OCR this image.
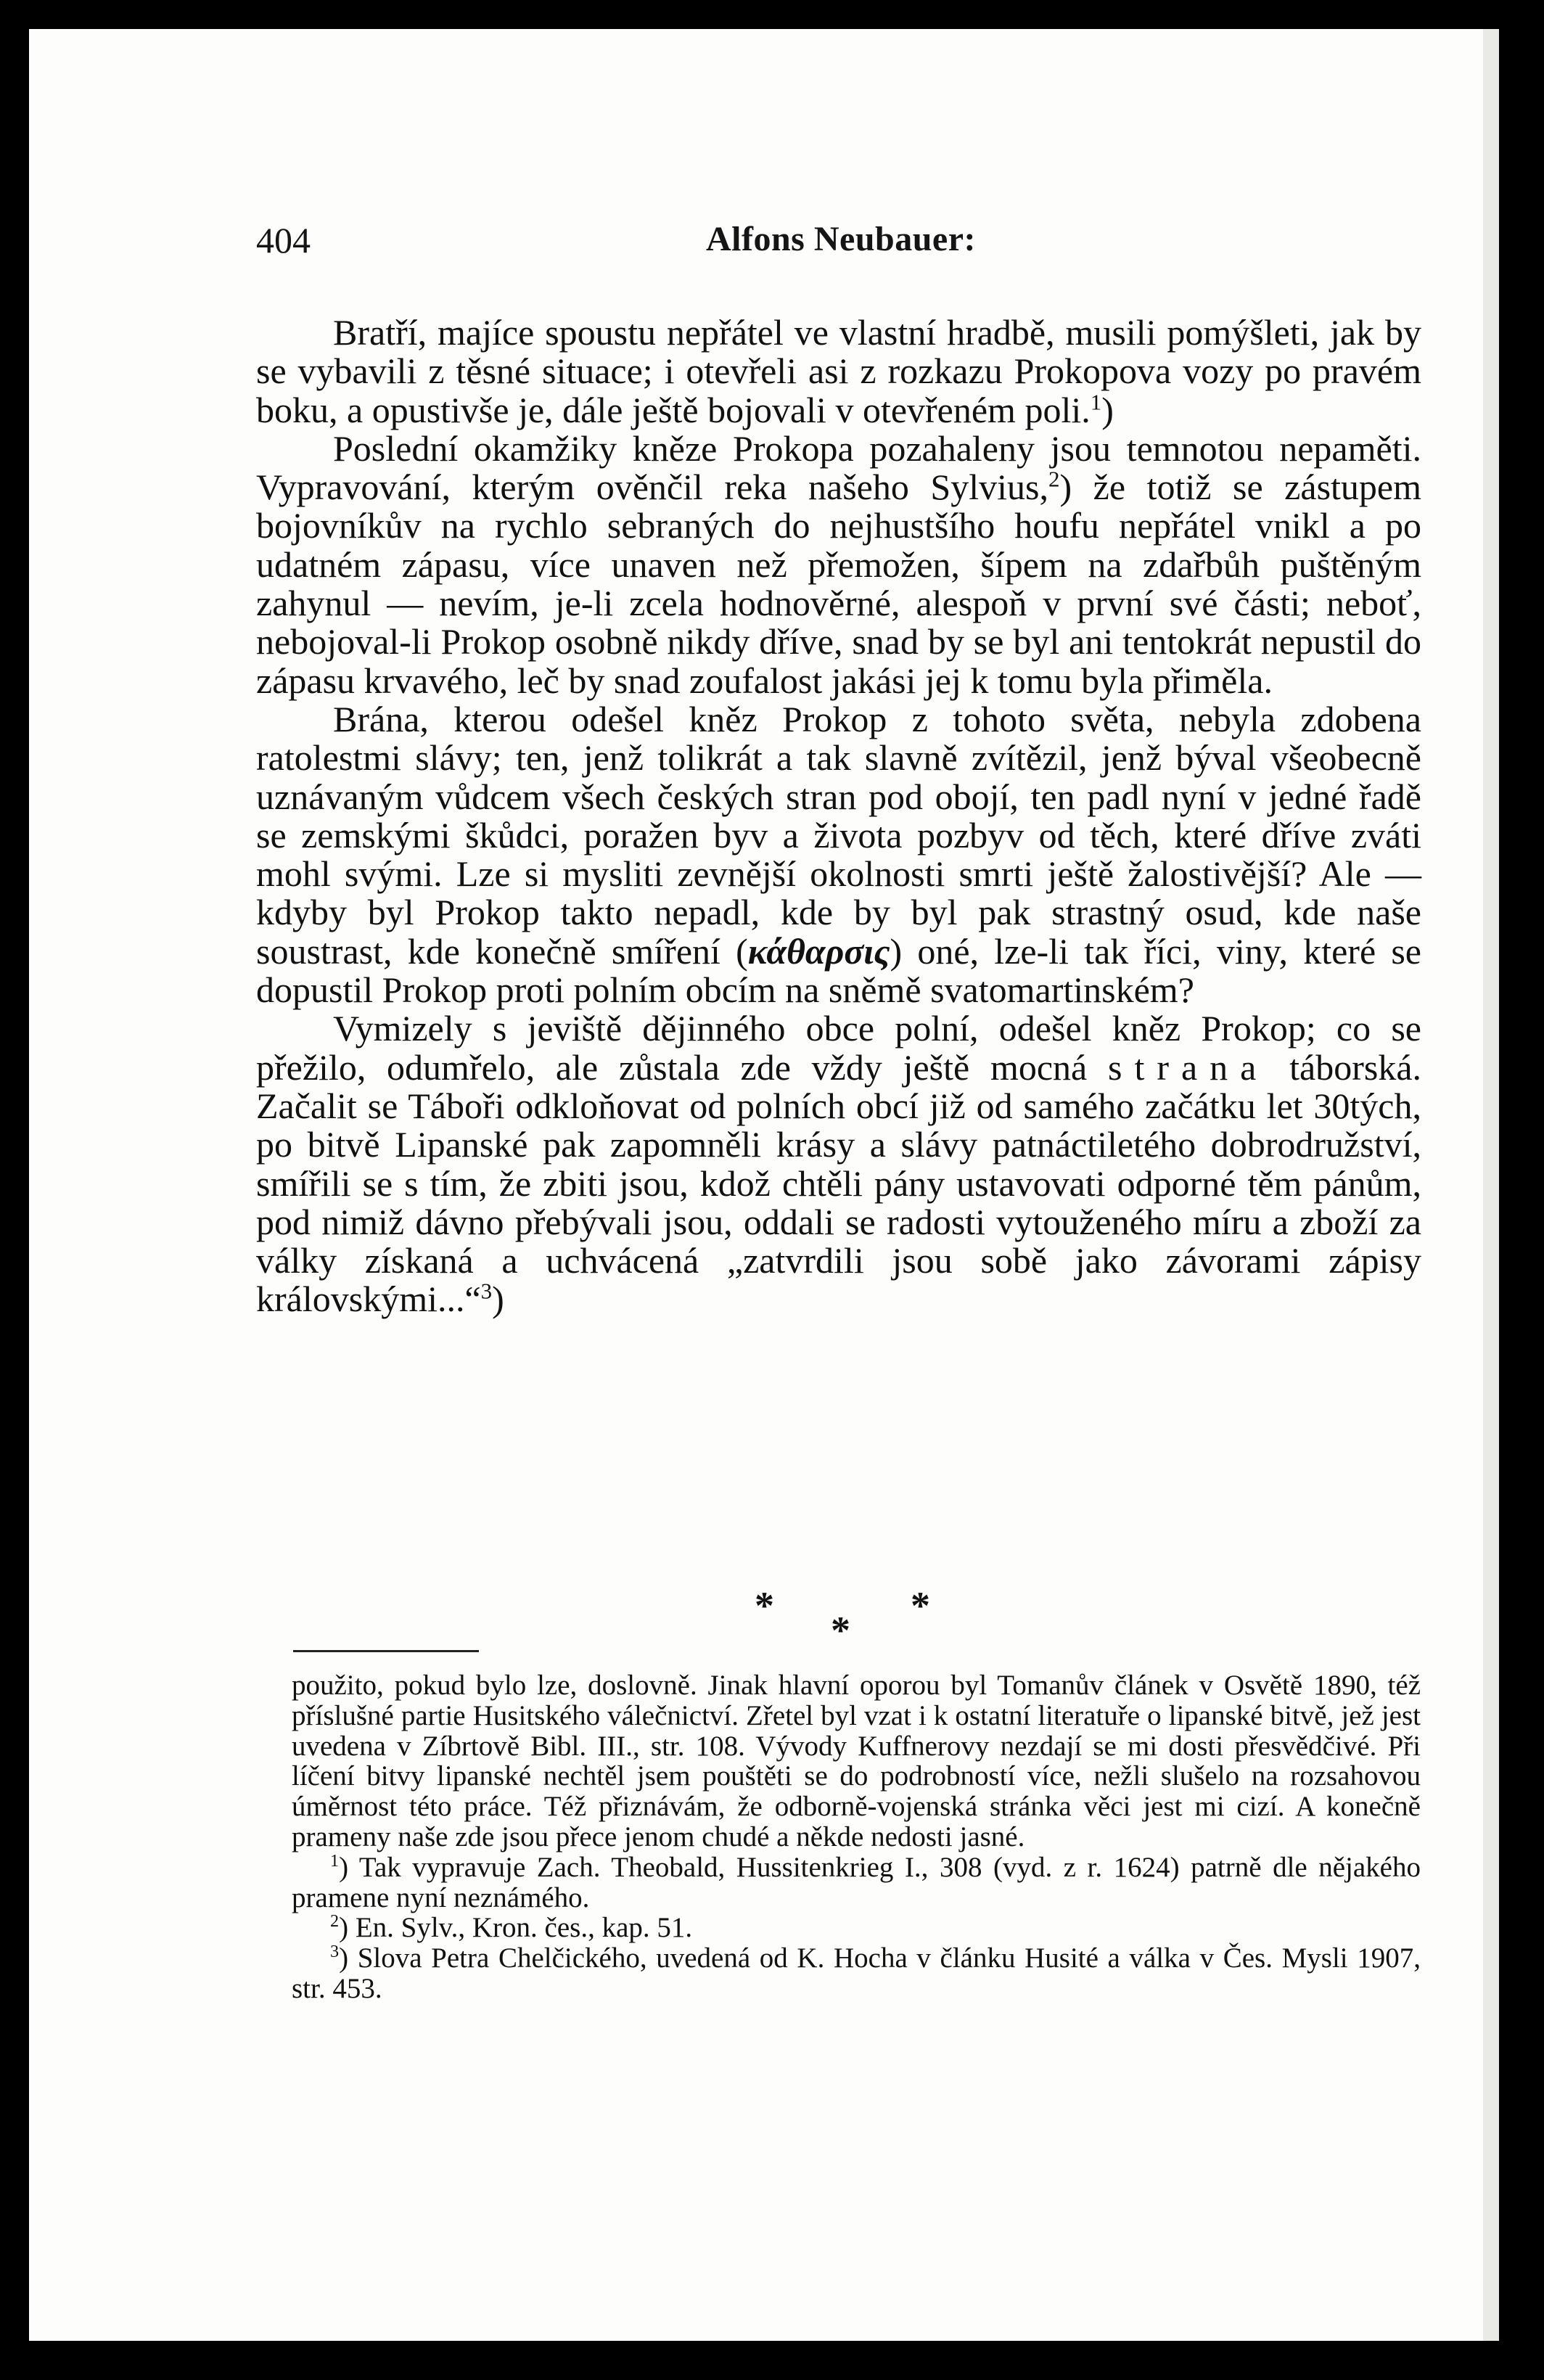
404	Alfons Neubauer:

Bratří, majíce spoustu nepřátel ve vlastní hradbě, musili pomýšleti, jak by se vybavili z těsné situace; i otevřeli asi z rozkazu Prokopova vozy po pravém boku, a opustivše je, dále ještě bojovali v otevřeném poli.$^1$)

Poslední okamžiky kněze Prokopa pozahaleny jsou temnotou nepaměti. Vypravování, kterým ověnčil reka našeho Sylvius,$^2$) že totiž se zástupem bojovníkův na rychlo sebraných do nejhustšího houfu nepřátel vnikl a po udatném zápasu, více unaven než přemožen, šípem na zdařbůh puštěným zahynul — nevím, je-li zcela hodnověrné, alespoň v první své části; neboť, nebojoval-li Prokop osobně nikdy dříve, snad by se byl ani tentokrát nepustil do zápasu krvavého, leč by snad zoufalost jakási jej k tomu byla přiměla.

Brána, kterou odešel kněz Prokop z tohoto světa, nebyla zdobena ratolestmi slávy; ten, jenž tolikrát a tak slavně zvítězil, jenž býval všeobecně uznávaným vůdcem všech českých stran pod obojí, ten padl nyní v jedné řadě se zemskými škůdci, poražen byv a života pozbyv od těch, které dříve zváti mohl svými. Lze si mysliti zevnější okolnosti smrti ještě žalostivější? Ale — kdyby byl Prokop takto nepadl, kde by byl pak strastný osud, kde naše soustrast, kde konečně smíření (κάθαρσις) oné, lze-li tak říci, viny, které se dopustil Prokop proti polním obcím na sněmě svatomartinském?

Vymizely s jeviště dějinného obce polní, odešel kněz Prokop; co se přežilo, odumřelo, ale zůstala zde vždy ještě mocná strana táborská. Začalit se Táboři odkloňovat od polních obcí již od samého začátku let 30tých, po bitvě Lipanské pak zapomněli krásy a slávy patnáctiletého dobrodružství, smířili se s tím, že zbiti jsou, kdož chtěli pány ustavovati odporné těm pánům, pod nimiž dávno přebývali jsou, oddali se radosti vytouženého míru a zboží za války získaná a uchvácená „zatvrdili jsou sobě jako závorami zápisy královskými...“$^3$)

*
*
*

použito, pokud bylo lze, doslovně. Jinak hlavní oporou byl Tomanův článek v Osvětě 1890, též příslušné partie Husitského válečnictví. Zřetel byl vzat i k ostatní literatuře o lipanské bitvě, jež jest uvedena v Zíbrtově Bibl. III., str. 108. Vývody Kuffnerovy nezdají se mi dosti přesvědčivé. Při líčení bitvy lipanské nechtěl jsem pouštěti se do podrobností více, nežli slušelo na rozsahovou úměrnost této práce. Též přiznávám, že odborně-vojenská stránka věci jest mi cizí. A konečně prameny naše zde jsou přece jenom chudé a někde nedosti jasné.

$^1$) Tak vypravuje Zach. Theobald, Hussitenkrieg I., 308 (vyd. z r. 1624) patrně dle nějakého pramene nyní neznámého.

$^2$) En. Sylv., Kron. čes., kap. 51.

$^3$) Slova Petra Chelčického, uvedená od K. Hocha v článku Husité a válka v Čes. Mysli 1907, str. 453.
